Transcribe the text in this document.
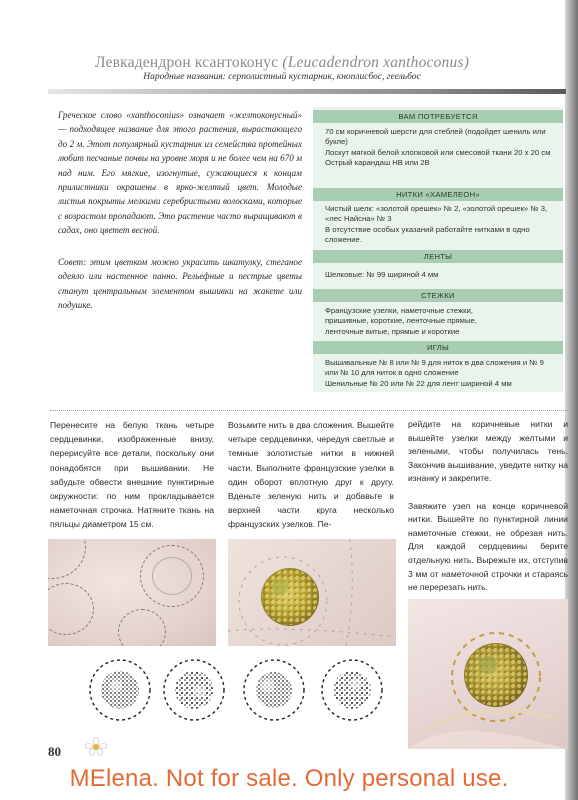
Левкадендрон ксантоконус (Leucadendron xanthoconus)
Народные названия: серполистный кустарник, кноплисбос, геельбос
Греческое слово «xanthoconius» означает «желтоконусный» — подходящее название для этого растения, вырастающего до 2 м. Этот популярный кустарник из семейства протейных любит песчаные почвы на уровне моря и не более чем на 670 м над ним. Его мягкие, изогнутые, сужающиеся к концам прилистники окрашены в ярко-желтый цвет. Молодые листья покрыты мелкими серебристыми волосками, которые с возрастом пропадают. Это растение часто выращивают в садах, оно цветет весной.
Совет: этим цветком можно украсить шкатулку, стеганое одеяло или настенное панно. Рельефные и пестрые цветы станут центральным элементом вышивки на жакете или подушке.
ВАМ ПОТРЕБУЕТСЯ
70 см коричневой шерсти для стеблей (подойдет шениль или букле)
Лоскут мягкой белой хлопковой или смесовой ткани 20 х 20 см
Острый карандаш НВ или 2В
НИТКИ «ХАМЕЛЕОН»
Чистый шелк: «золотой орешек» № 2, «золотой орешек» № 3, «лес Найсна» № 3
В отсутствие особых указаний работайте нитками в одно сложение.
ЛЕНТЫ
Шелковые: № 99 шириной 4 мм
СТЕЖКИ
Французские узелки, наметочные стежки, пришивные, короткие, ленточные прямые, ленточные витые, прямые и короткие
ИГЛЫ
Вышивальные № 8 или № 9 для ниток в два сложения и № 9 или № 10 для ниток в одно сложение
Шенильные № 20 или № 22 для лент шириной 4 мм
Перенесите на белую ткань четыре сердцевинки, изображенные внизу, перерисуйте все детали, поскольку они понадобятся при вышивании. Не забудьте обвести внешние пунктирные окружности: по ним прокладывается наметочная строчка. Натяните ткань на пяльцы диаметром 15 см.
Возьмите нить в два сложения. Вышейте четыре сердцевинки, чередуя светлые и темные золотистые нитки в нижней части. Выполните французские узелки в один оборот вплотную друг к другу. Вденьте зеленую нить и добавьте в верхней части круга несколько французских узелков. Пе-
рейдите на коричневые нитки и вышейте узелки между желтыми и зелеными, чтобы получилась тень. Закончив вышивание, уведите нитку на изнанку и закрепите.

Завяжите узел на конце коричневой нитки. Вышейте по пунктирной линии наметочные стежки, не обрезая нить. Для каждой сердцевины берите отдельную нить. Вырежьте их, отступив 3 мм от наметочной строчки и стараясь не перерезать нить.
80
MElena. Not for sale. Only personal use.
